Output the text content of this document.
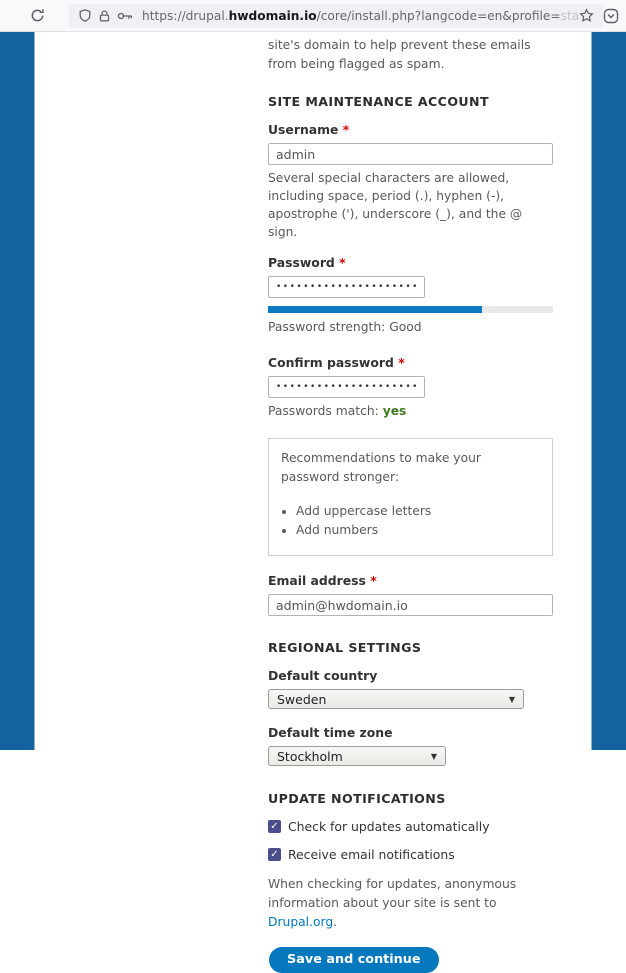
https://drupal.hwdomain.io/core/install.php?langcode=en&profile=sta

site's domain to help prevent these emails from being flagged as spam.

SITE MAINTENANCE ACCOUNT
Username *
admin

Several special characters are allowed, including space, period (.), hyphen (-), apostrophe ('), underscore (_), and the @ sign.

Password *
••••••••••••••••••••••••

Password strength: Good

Confirm password *
••••••••••••••••••••••••

Passwords match: yes

Recommendations to make your password stronger:
• Add uppercase letters
• Add numbers
Email address *
admin@hwdomain.io
REGIONAL SETTINGS
Default country
Sweden	▼
Default time zone
Stockholm	▼
UPDATE NOTIFICATIONS
✓ Check for updates automatically
✓ Receive email notifications

When checking for updates, anonymous information about your site is sent to Drupal.org.

Save and continue
